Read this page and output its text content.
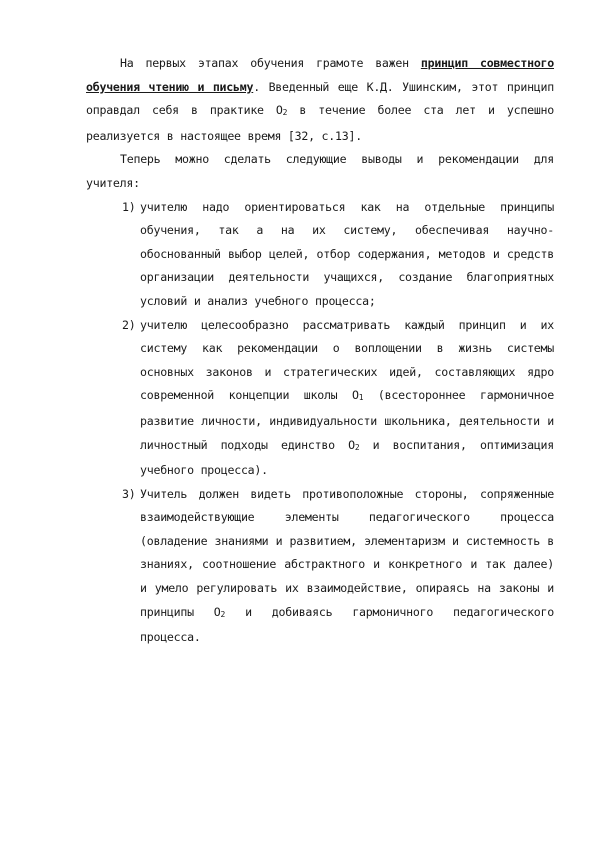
На первых этапах обучения грамоте важен принцип совместного обучения чтению и письму. Введенный еще К.Д. Ушинским, этот принцип оправдал себя в практике О2 в течение более ста лет и успешно реализуется в настоящее время [32, с.13].

Теперь можно сделать следующие выводы и рекомендации для учителя:

1) учителю надо ориентироваться как на отдельные принципы обучения, так а на их систему, обеспечивая научно-обоснованный выбор целей, отбор содержания, методов и средств организации деятельности учащихся, создание благоприятных условий и анализ учебного процесса;
2) учителю целесообразно рассматривать каждый принцип и их систему как рекомендации о воплощении в жизнь системы основных законов и стратегических идей, составляющих ядро современной концепции школы О1 (всестороннее гармоничное развитие личности, индивидуальности школьника, деятельности и личностный подходы единство О2 и воспитания, оптимизация учебного процесса).
3) Учитель должен видеть противоположные стороны, сопряженные взаимодействующие элементы педагогического процесса (овладение знаниями и развитием, элементаризм и системность в знаниях, соотношение абстрактного и конкретного и так далее) и умело регулировать их взаимодействие, опираясь на законы и принципы О2 и добиваясь гармоничного педагогического процесса.
